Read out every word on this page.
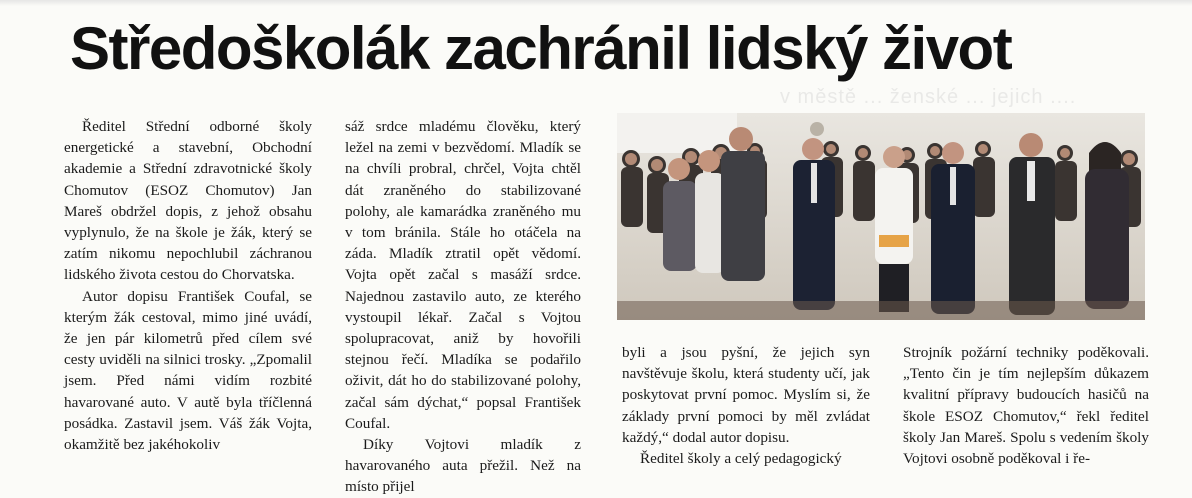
Středoškolák zachránil lidský život
v městě ... ženské ... jejich ....

Ředitel Střední odborné školy energetické a stavební, Obchodní akademie a Střední zdravotnické školy Chomutov (ESOZ Chomutov) Jan Mareš obdržel dopis, z jehož obsahu vyplynulo, že na škole je žák, který se zatím nikomu nepochlubil záchranou lidského života cestou do Chorvatska.

Autor dopisu František Coufal, se kterým žák cestoval, mimo jiné uvádí, že jen pár kilometrů před cílem své cesty uviděli na silnici trosky. „Zpomalil jsem. Před námi vidím rozbité havarované auto. V autě byla tříčlenná posádka. Zastavil jsem. Váš žák Vojta, okamžitě bez jakéhokoliv

sáž srdce mladému člověku, který ležel na zemi v bezvědomí. Mladík se na chvíli probral, chrčel, Vojta chtěl dát zraněného do stabilizované polohy, ale kamarádka zraněného mu v tom bránila. Stále ho otáčela na záda. Mladík ztratil opět vědomí. Vojta opět začal s masáží srdce. Najednou zastavilo auto, ze kterého vystoupil lékař. Začal s Vojtou spolupracovat, aniž by hovořili stejnou řečí. Mladíka se podařilo oživit, dát ho do stabilizované polohy, začal sám dýchat,“ popsal František Coufal.

Díky Vojtovi mladík z havarovaného auta přežil. Než na místo přijel

byli a jsou pyšní, že jejich syn navštěvuje školu, která studenty učí, jak poskytovat první pomoc. Myslím si, že základy první pomoci by měl zvládat každý,“ dodal autor dopisu.

Ředitel školy a celý pedagogický

Strojník požární techniky poděkovali. „Tento čin je tím nejlepším důkazem kvalitní přípravy budoucích hasičů na škole ESOZ Chomutov,“ řekl ředitel školy Jan Mareš. Spolu s vedením školy Vojtovi osobně poděkoval i ře-
